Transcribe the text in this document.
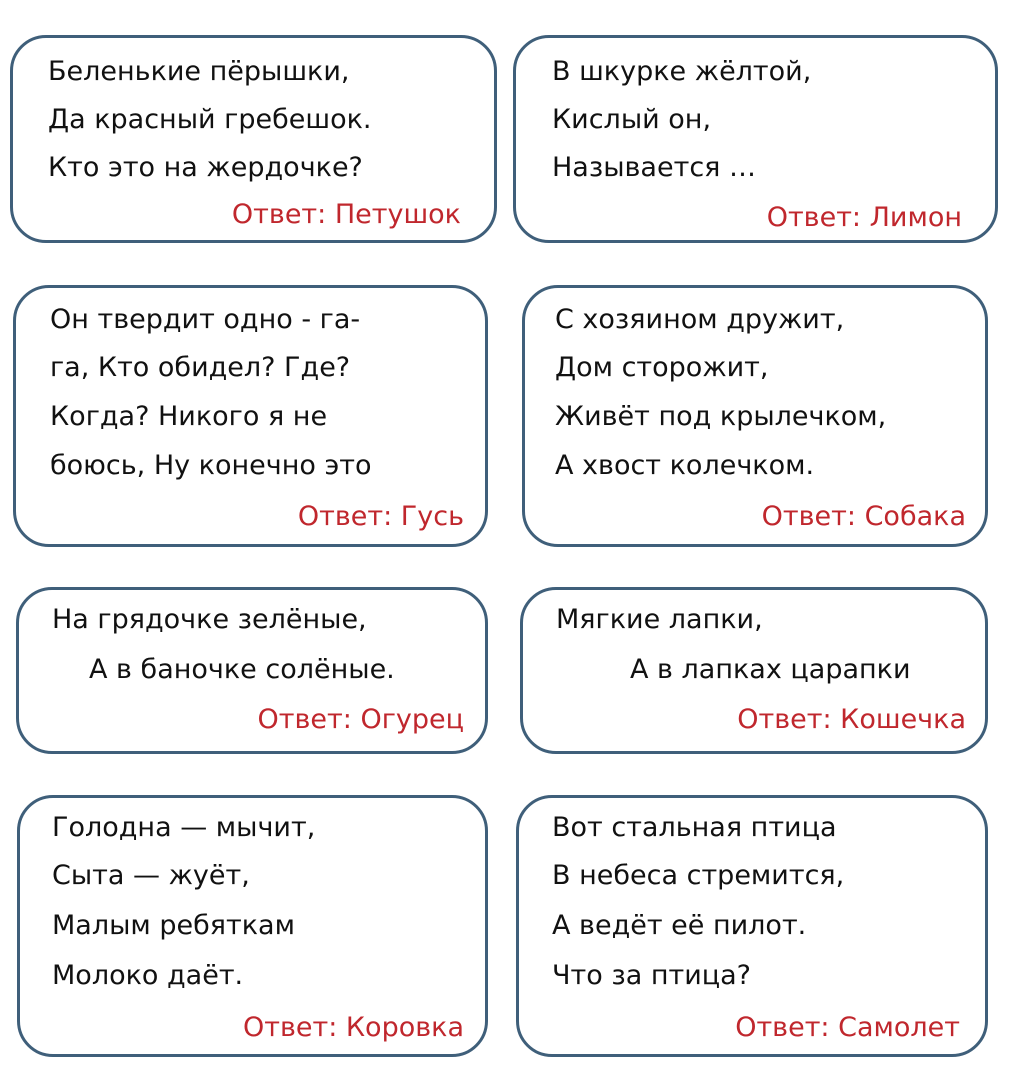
Беленькие пёрышки,
Да красный гребешок.
Кто это на жердочке?
Ответ: Петушок
В шкурке жёлтой,
Кислый он,
Называется …
Ответ: Лимон
Он твердит одно - га-
га, Кто обидел? Где?
Когда? Никого я не
боюсь, Ну конечно это
Ответ: Гусь
С хозяином дружит,
Дом сторожит,
Живёт под крылечком,
А хвост колечком.
Ответ: Собака
На грядочке зелёные,
А в баночке солёные.
Ответ: Огурец
Мягкие лапки,
А в лапках царапки
Ответ: Кошечка
Голодна — мычит,
Сыта — жуёт,
Малым ребяткам
Молоко даёт.
Ответ: Коровка
Вот стальная птица
В небеса стремится,
А ведёт её пилот.
Что за птица?
Ответ: Самолет
